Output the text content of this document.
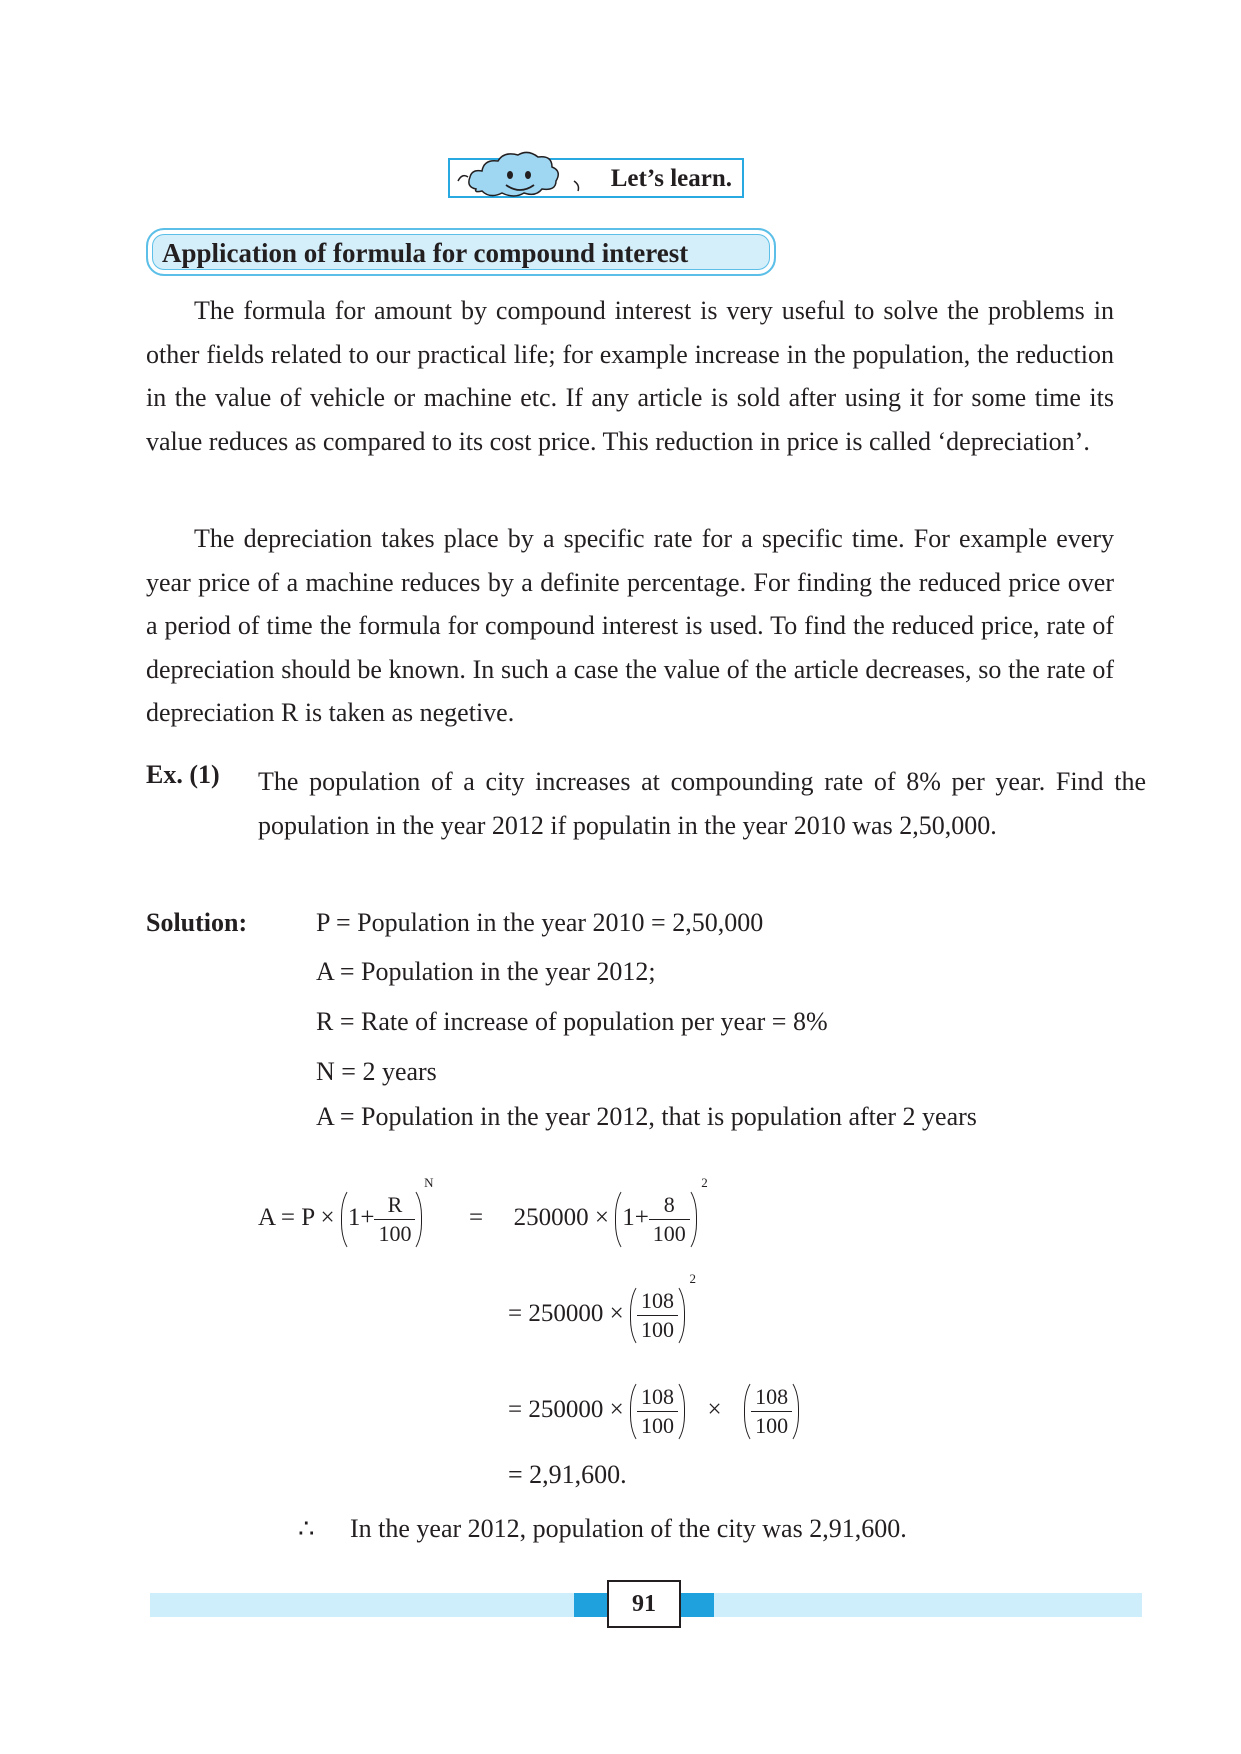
Let’s learn.
Application of formula for compound interest

The formula for amount by compound interest is very useful to solve the problems in other fields related to our practical life; for example increase in the population, the reduction in the value of vehicle or machine etc. If any article is sold after using it for some time its value reduces as compared to its cost price. This reduction in price is called ‘depreciation’.

The depreciation takes place by a specific rate for a specific time. For example every year price of a machine reduces by a definite percentage. For finding the reduced price over a period of time the formula for compound interest is used. To find the reduced price, rate of depreciation should be known. In such a case the value of the article decreases, so the rate of depreciation R is taken as negetive.

Ex. (1) The population of a city increases at compounding rate of 8% per year. Find the population in the year 2012 if populatin in the year 2010 was 2,50,000.

Solution:	P = Population in the year 2010 = 2,50,000
A = Population in the year 2012;
R = Rate of increase of population per year = 8%
N = 2 years
A = Population in the year 2012, that is population after 2 years
$A = P \times 1+ \frac{R}{100}$
N
= $250000 \times 1+ \frac{8}{100}$
2
= $250000 \times \frac{108}{100}$
2
= $250000 \times \frac{108}{100} \times \frac{108}{100}$
= 2,91,600.
∴ In the year 2012, population of the city was 2,91,600.
91
